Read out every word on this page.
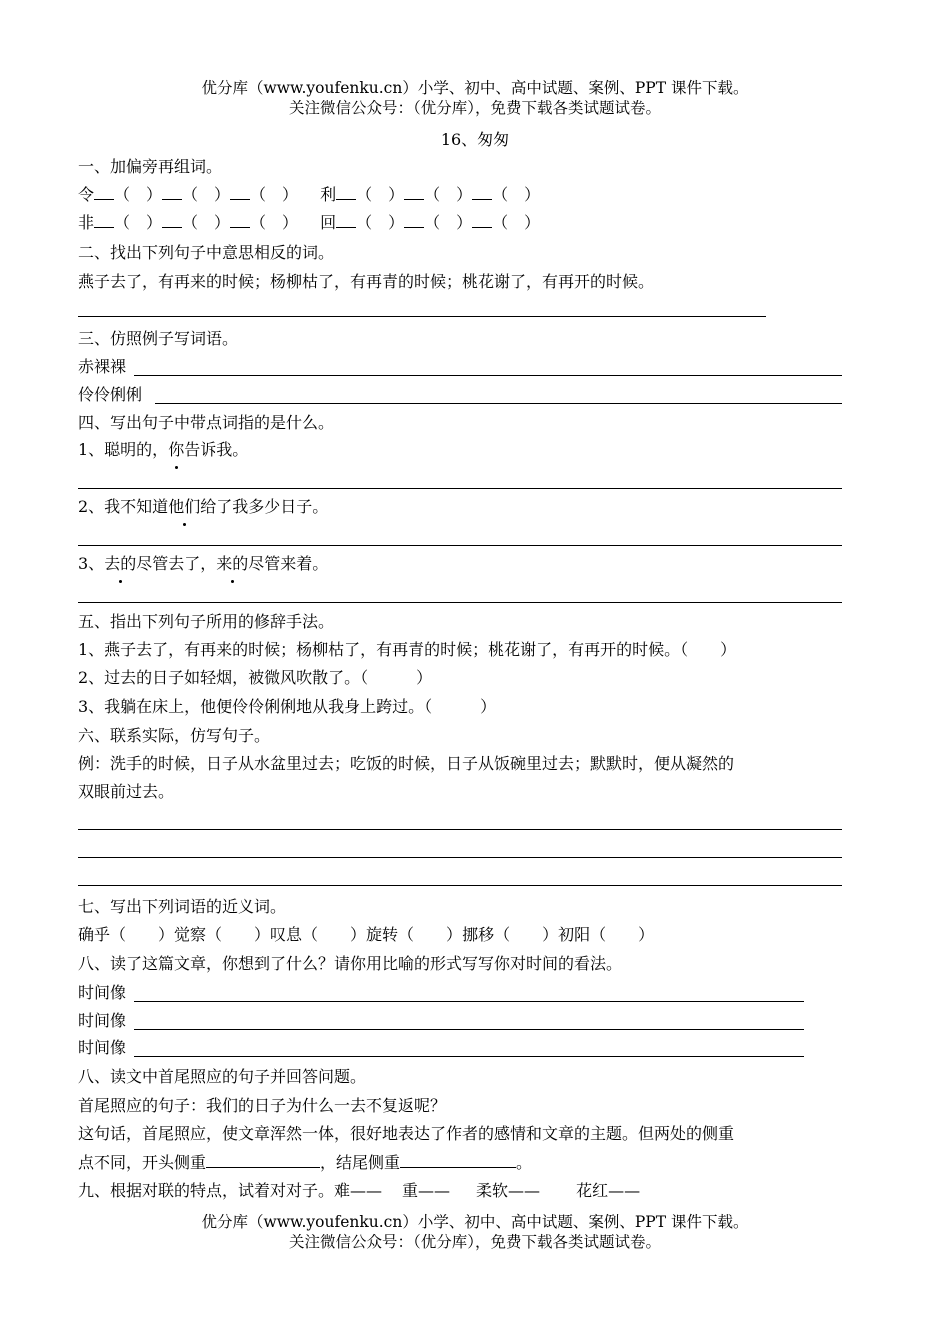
优分库（www.youfenku.cn）小学、初中、高中试题、案例、PPT 课件下载。
关注微信公众号：（优分库），免费下载各类试题试卷。
16、匆匆
一、加偏旁再组词。
令 （　） （　） （　） 利 （　） （　） （　）
非 （　） （　） （　） 回 （　） （　） （　）
二、找出下列句子中意思相反的词。
燕子去了，有再来的时候；杨柳枯了，有再青的时候；桃花谢了，有再开的时候。
三、仿照例子写词语。
赤裸裸
伶伶俐俐
四、写出句子中带点词指的是什么。
1、聪明的，你告诉我。
2、我不知道他们给了我多少日子。
3、去的尽管去了，来的尽管来着。
五、指出下列句子所用的修辞手法。
1、燕子去了，有再来的时候；杨柳枯了，有再青的时候；桃花谢了，有再开的时候。（　　）
2、过去的日子如轻烟，被微风吹散了。（　　　）
3、我躺在床上，他便伶伶俐俐地从我身上跨过。（　　　）
六、联系实际，仿写句子。
例：洗手的时候，日子从水盆里过去；吃饭的时候，日子从饭碗里过去；默默时，便从凝然的
双眼前过去。
七、写出下列词语的近义词。
确乎（　　）觉察（　　）叹息（　　）旋转（　　）挪移（　　）初阳（　　）
八、读了这篇文章，你想到了什么？请你用比喻的形式写写你对时间的看法。
时间像
时间像
时间像
八、读文中首尾照应的句子并回答问题。
首尾照应的句子：我们的日子为什么一去不复返呢？
这句话，首尾照应，使文章浑然一体，很好地表达了作者的感情和文章的主题。但两处的侧重
点不同，开头侧重	，结尾侧重	。
九、根据对联的特点，试着对对子。难—— 重—— 柔软—— 花红——
优分库（www.youfenku.cn）小学、初中、高中试题、案例、PPT 课件下载。
关注微信公众号：（优分库），免费下载各类试题试卷。
